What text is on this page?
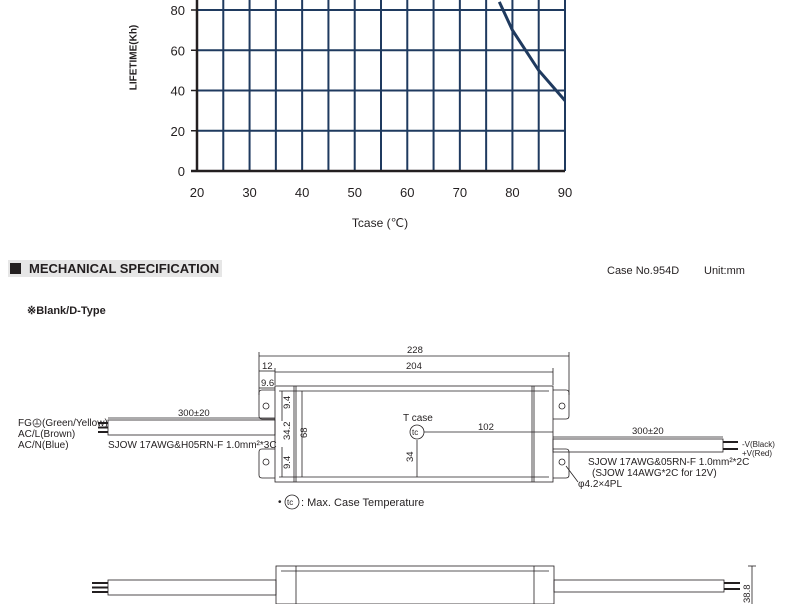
0
20
40
60
80
20	30	40	50	60	70	80	90
LIFETIME(Kh)
Tcase (℃)
MECHANICAL SPECIFICATION	Case No.954D Unit:mm
※Blank/D-Type
228
204
12
9.6
9.4
34.2 68
9.4	34
102
300±20
300±20
T case
tc
FG (Green/Yellow)
AC/L(Brown)
AC/N(Blue)	SJOW 17AWG&H05RN-F 1.0mm²*3C
SJOW 17AWG&05RN-F 1.0mm²*2C
(SJOW 14AWG*2C for 12V)
-V(Black)
+V(Red)
φ4.2×4PL
• tc : Max. Case Temperature
38.8
